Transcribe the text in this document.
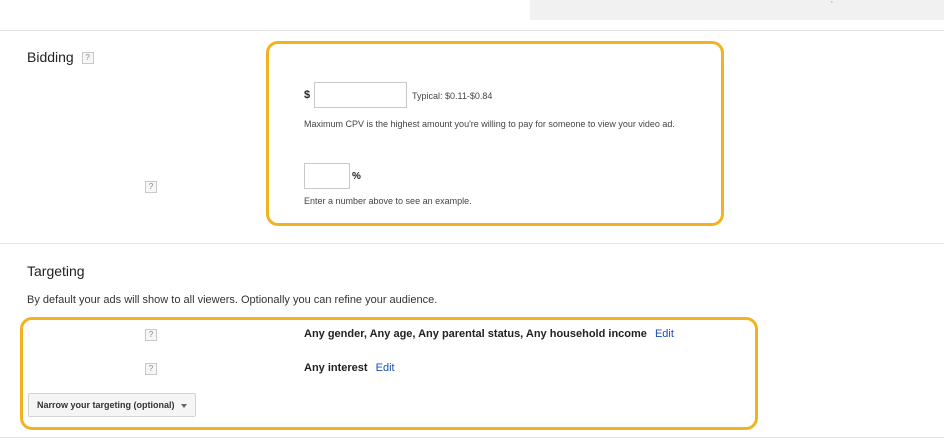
·
Bidding ?
$	Typical: $0.11-$0.84
Maximum CPV is the highest amount you're willing to pay for someone to view your video ad.
?
%
Enter a number above to see an example.
Targeting
By default your ads will show to all viewers. Optionally you can refine your audience.
?	Any gender, Any age, Any parental status, Any household income Edit
?	Any interest Edit
Narrow your targeting (optional)
